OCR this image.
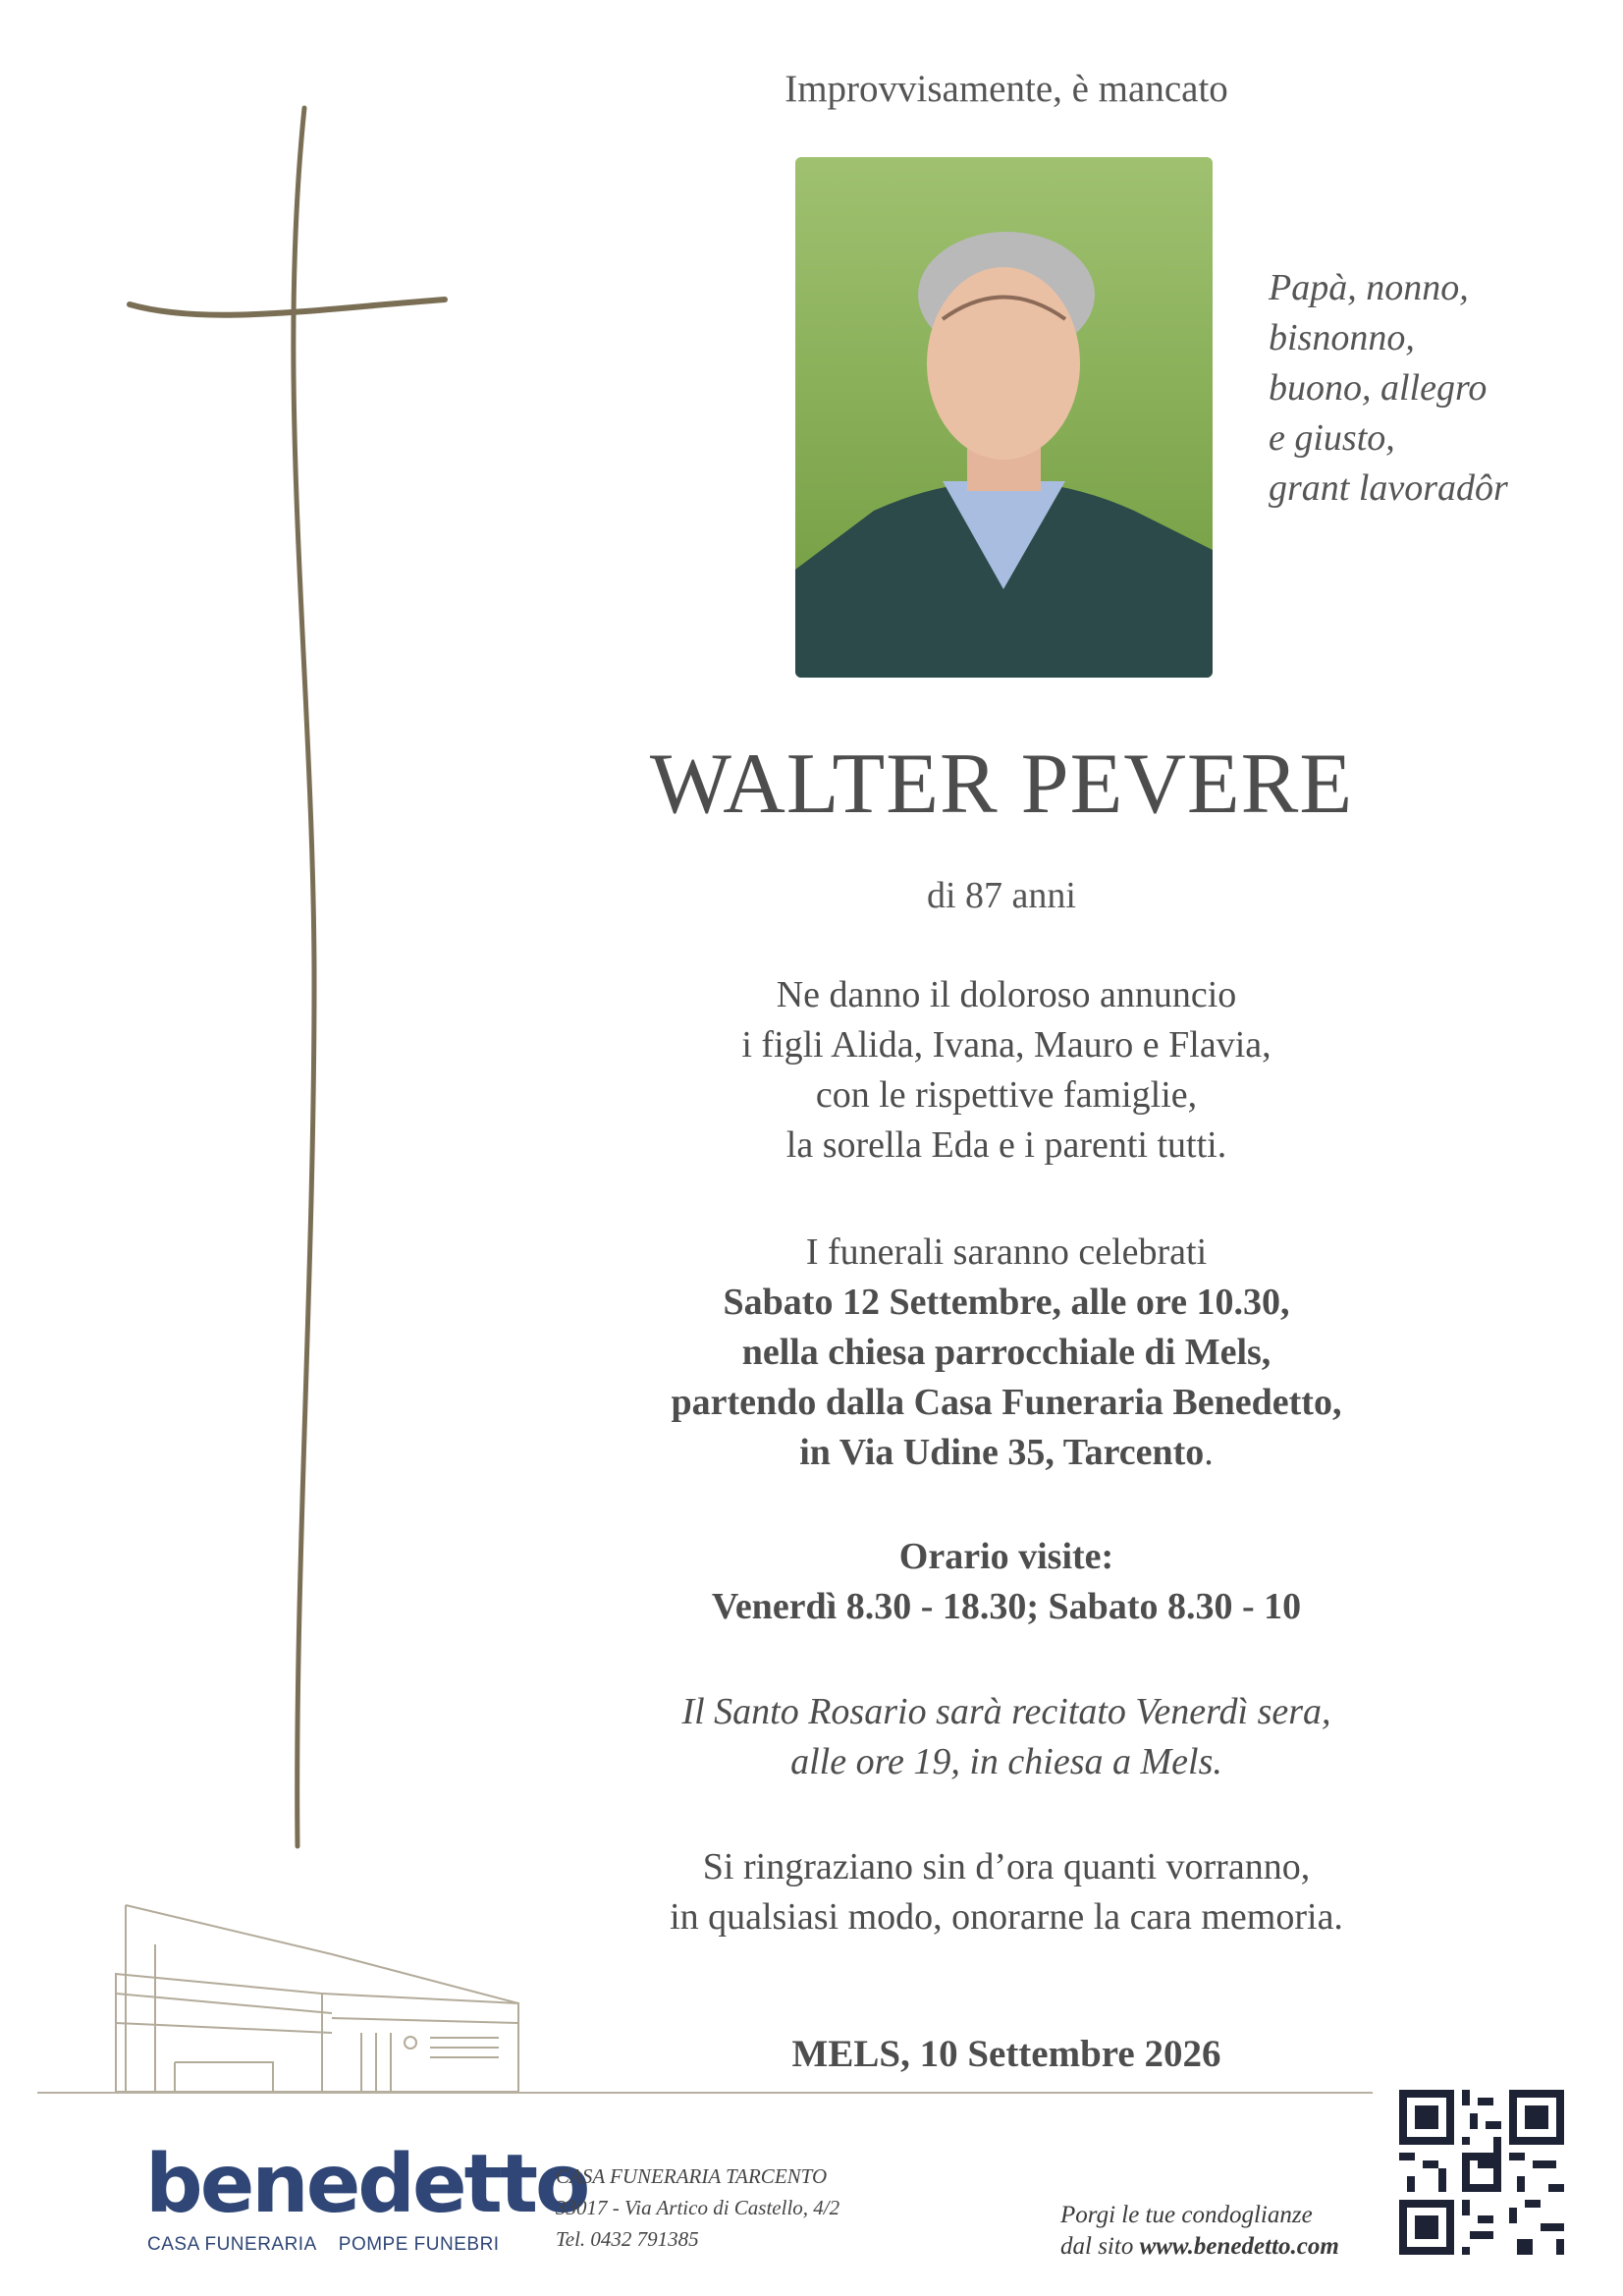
Improvvisamente, è mancato
Papà, nonno,
bisnonno,
buono, allegro
e giusto,
grant lavoradôr
WALTER PEVERE
di 87 anni
Ne danno il doloroso annuncio
i figli Alida, Ivana, Mauro e Flavia,
con le rispettive famiglie,
la sorella Eda e i parenti tutti.
I funerali saranno celebrati
Sabato 12 Settembre, alle ore 10.30,
nella chiesa parrocchiale di Mels,
partendo dalla Casa Funeraria Benedetto,
in Via Udine 35, Tarcento.
Orario visite:
Venerdì 8.30 - 18.30; Sabato 8.30 - 10
Il Santo Rosario sarà recitato Venerdì sera,
alle ore 19, in chiesa a Mels.
Si ringraziano sin d’ora quanti vorranno,
in qualsiasi modo, onorarne la cara memoria.
MELS, 10 Settembre 2026
benedetto
CASA FUNERARIA POMPE FUNEBRI
CASA FUNERARIA TARCENTO
33017 - Via Artico di Castello, 4/2
Tel. 0432 791385
Porgi le tue condoglianze
dal sito www.benedetto.com
